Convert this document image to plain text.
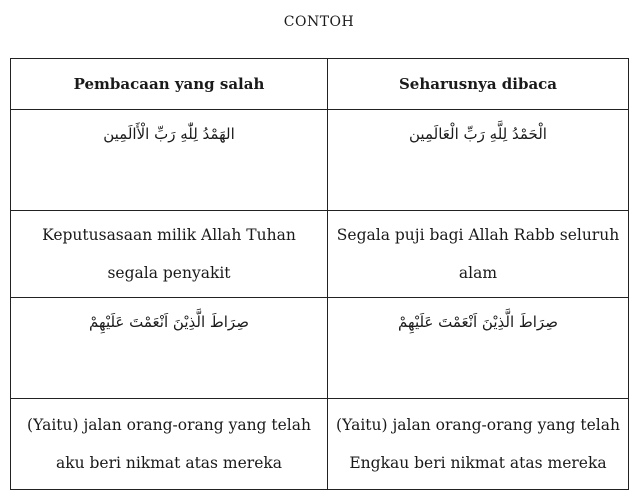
CONTOH
Pembacaan yang salah	Seharusnya dibaca
الهَمْدُ لِلّٰهِ رَبِّ الْأَالَمِين	الْحَمْدُ لِلَّهِ رَبِّ الْعَالَمِين
Keputusasaan milik Allah Tuhan segala penyakit	Segala puji bagi Allah Rabb seluruh alam
صِرَاطَ الَّذِيْنَ اَنْعَمْتَ عَلَيْهِمْ	صِرَاطَ الَّذِيْنَ اَنْعَمْتَ عَلَيْهِمْ
(Yaitu) jalan orang-orang yang telah aku beri nikmat atas mereka	(Yaitu) jalan orang-orang yang telah Engkau beri nikmat atas mereka
